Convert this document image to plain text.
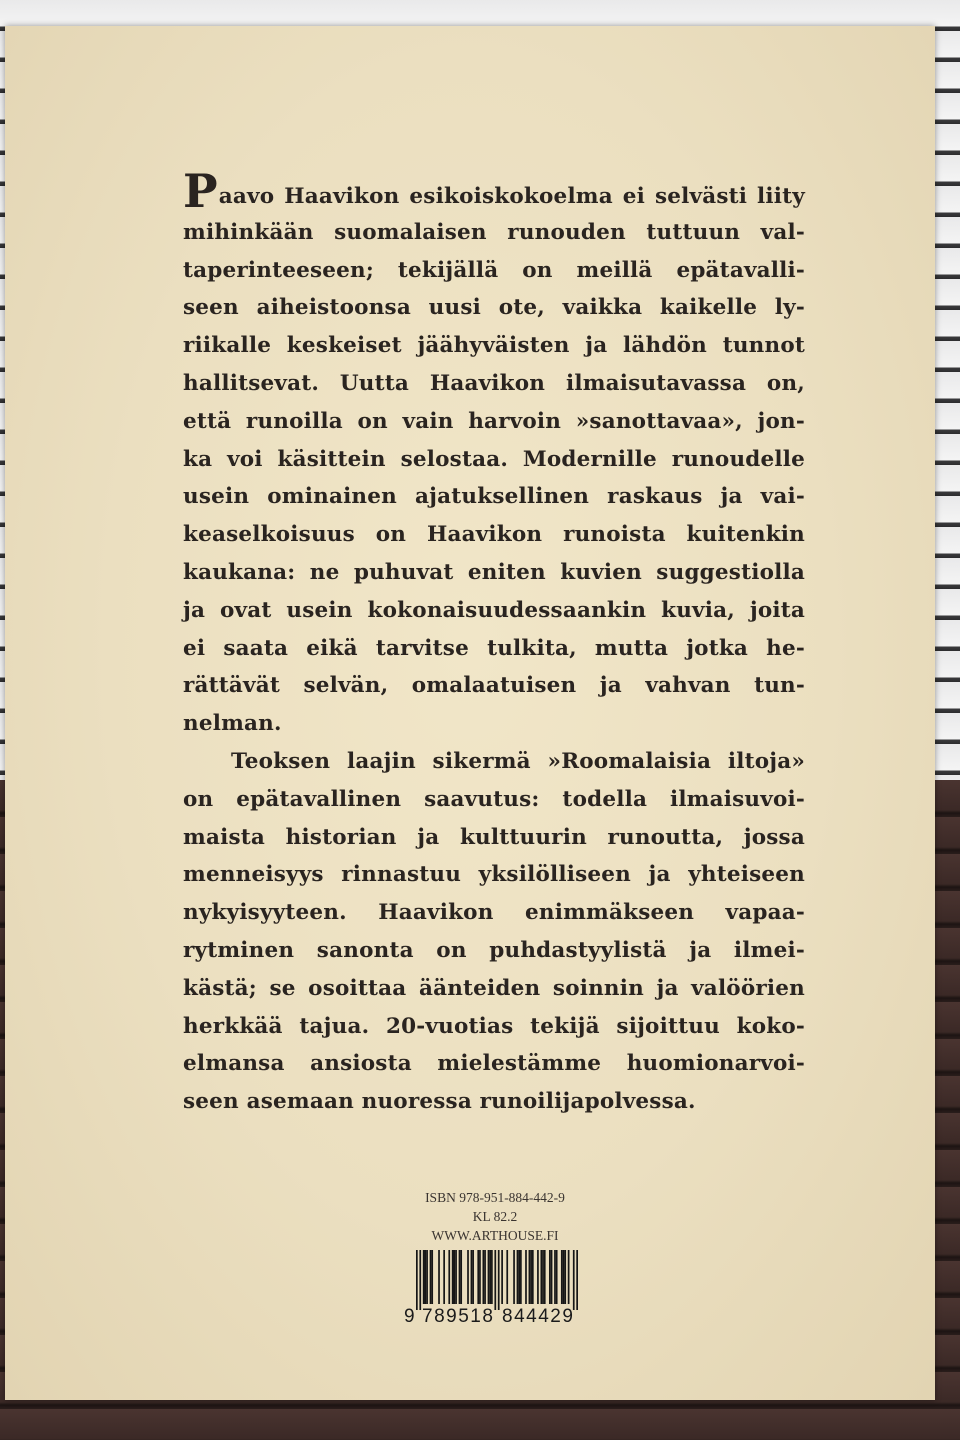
Paavo Haavikon esikoiskokoelma ei selvästi liity
mihinkään suomalaisen runouden tuttuun val-
taperinteeseen; tekijällä on meillä epätavalli-
seen aiheistoonsa uusi ote, vaikka kaikelle ly-
riikalle keskeiset jäähyväisten ja lähdön tunnot
hallitsevat. Uutta Haavikon ilmaisutavassa on,
että runoilla on vain harvoin »sanottavaa», jon-
ka voi käsittein selostaa. Modernille runoudelle
usein ominainen ajatuksellinen raskaus ja vai-
keaselkoisuus on Haavikon runoista kuitenkin
kaukana: ne puhuvat eniten kuvien suggestiolla
ja ovat usein kokonaisuudessaankin kuvia, joita
ei saata eikä tarvitse tulkita, mutta jotka he-
rättävät selvän, omalaatuisen ja vahvan tun-
nelman.
Teoksen laajin sikermä »Roomalaisia iltoja»
on epätavallinen saavutus: todella ilmaisuvoi-
maista historian ja kulttuurin runoutta, jossa
menneisyys rinnastuu yksilölliseen ja yhteiseen
nykyisyyteen. Haavikon enimmäkseen vapaa-
rytminen sanonta on puhdastyylistä ja ilmei-
kästä; se osoittaa äänteiden soinnin ja valöörien
herkkää tajua. 20-vuotias tekijä sijoittuu koko-
elmansa ansiosta mielestämme huomionarvoi-
seen asemaan nuoressa runoilijapolvessa.
ISBN 978-951-884-442-9
KL 82.2
WWW.ARTHOUSE.FI
9 789518 844429
